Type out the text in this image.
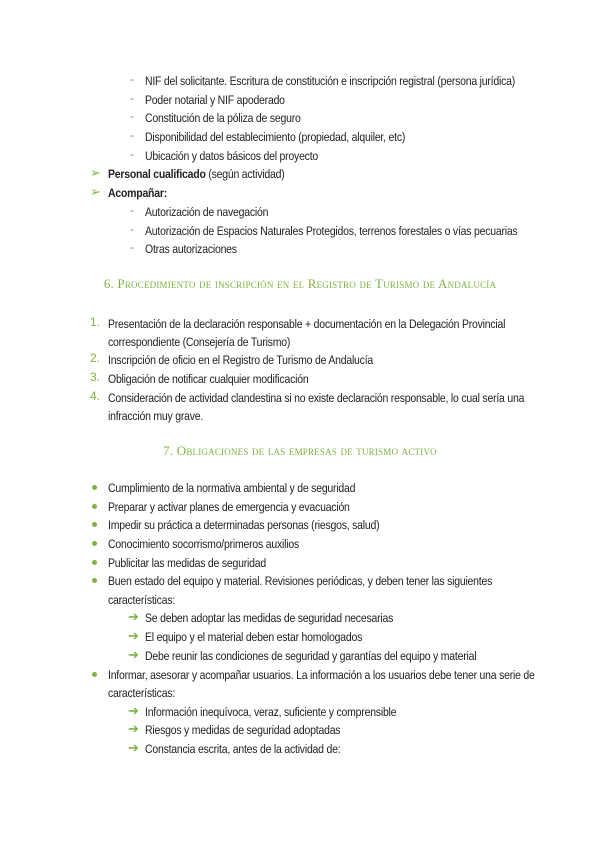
- NIF del solicitante. Escritura de constitución e inscripción registral (persona jurídica)
- Poder notarial y NIF apoderado
- Constitución de la póliza de seguro
- Disponibilidad del establecimiento (propiedad, alquiler, etc)
- Ubicación y datos básicos del proyecto
➢ Personal cualificado (según actividad)
➢ Acompañar:
- Autorización de navegación
- Autorización de Espacios Naturales Protegidos, terrenos forestales o vías pecuarias
- Otras autorizaciones
6. Procedimiento de inscripción en el Registro de Turismo de Andalucía
1. Presentación de la declaración responsable + documentación en la Delegación Provincial
correspondiente (Consejería de Turismo)
2. Inscripción de oficio en el Registro de Turismo de Andalucía
3. Obligación de notificar cualquier modificación
4. Consideración de actividad clandestina si no existe declaración responsable, lo cual sería una
infracción muy grave.
7. Obligaciones de las empresas de turismo activo
Cumplimiento de la normativa ambiental y de seguridad
Preparar y activar planes de emergencia y evacuación
Impedir su práctica a determinadas personas (riesgos, salud)
Conocimiento socorrismo/primeros auxilios
Publicitar las medidas de seguridad
Buen estado del equipo y material. Revisiones periódicas, y deben tener las siguientes
características:
➔ Se deben adoptar las medidas de seguridad necesarias
➔ El equipo y el material deben estar homologados
➔ Debe reunir las condiciones de seguridad y garantías del equipo y material
Informar, asesorar y acompañar usuarios. La información a los usuarios debe tener una serie de
características:
➔ Información inequívoca, veraz, suficiente y comprensible
➔ Riesgos y medidas de seguridad adoptadas
➔ Constancia escrita, antes de la actividad de:
